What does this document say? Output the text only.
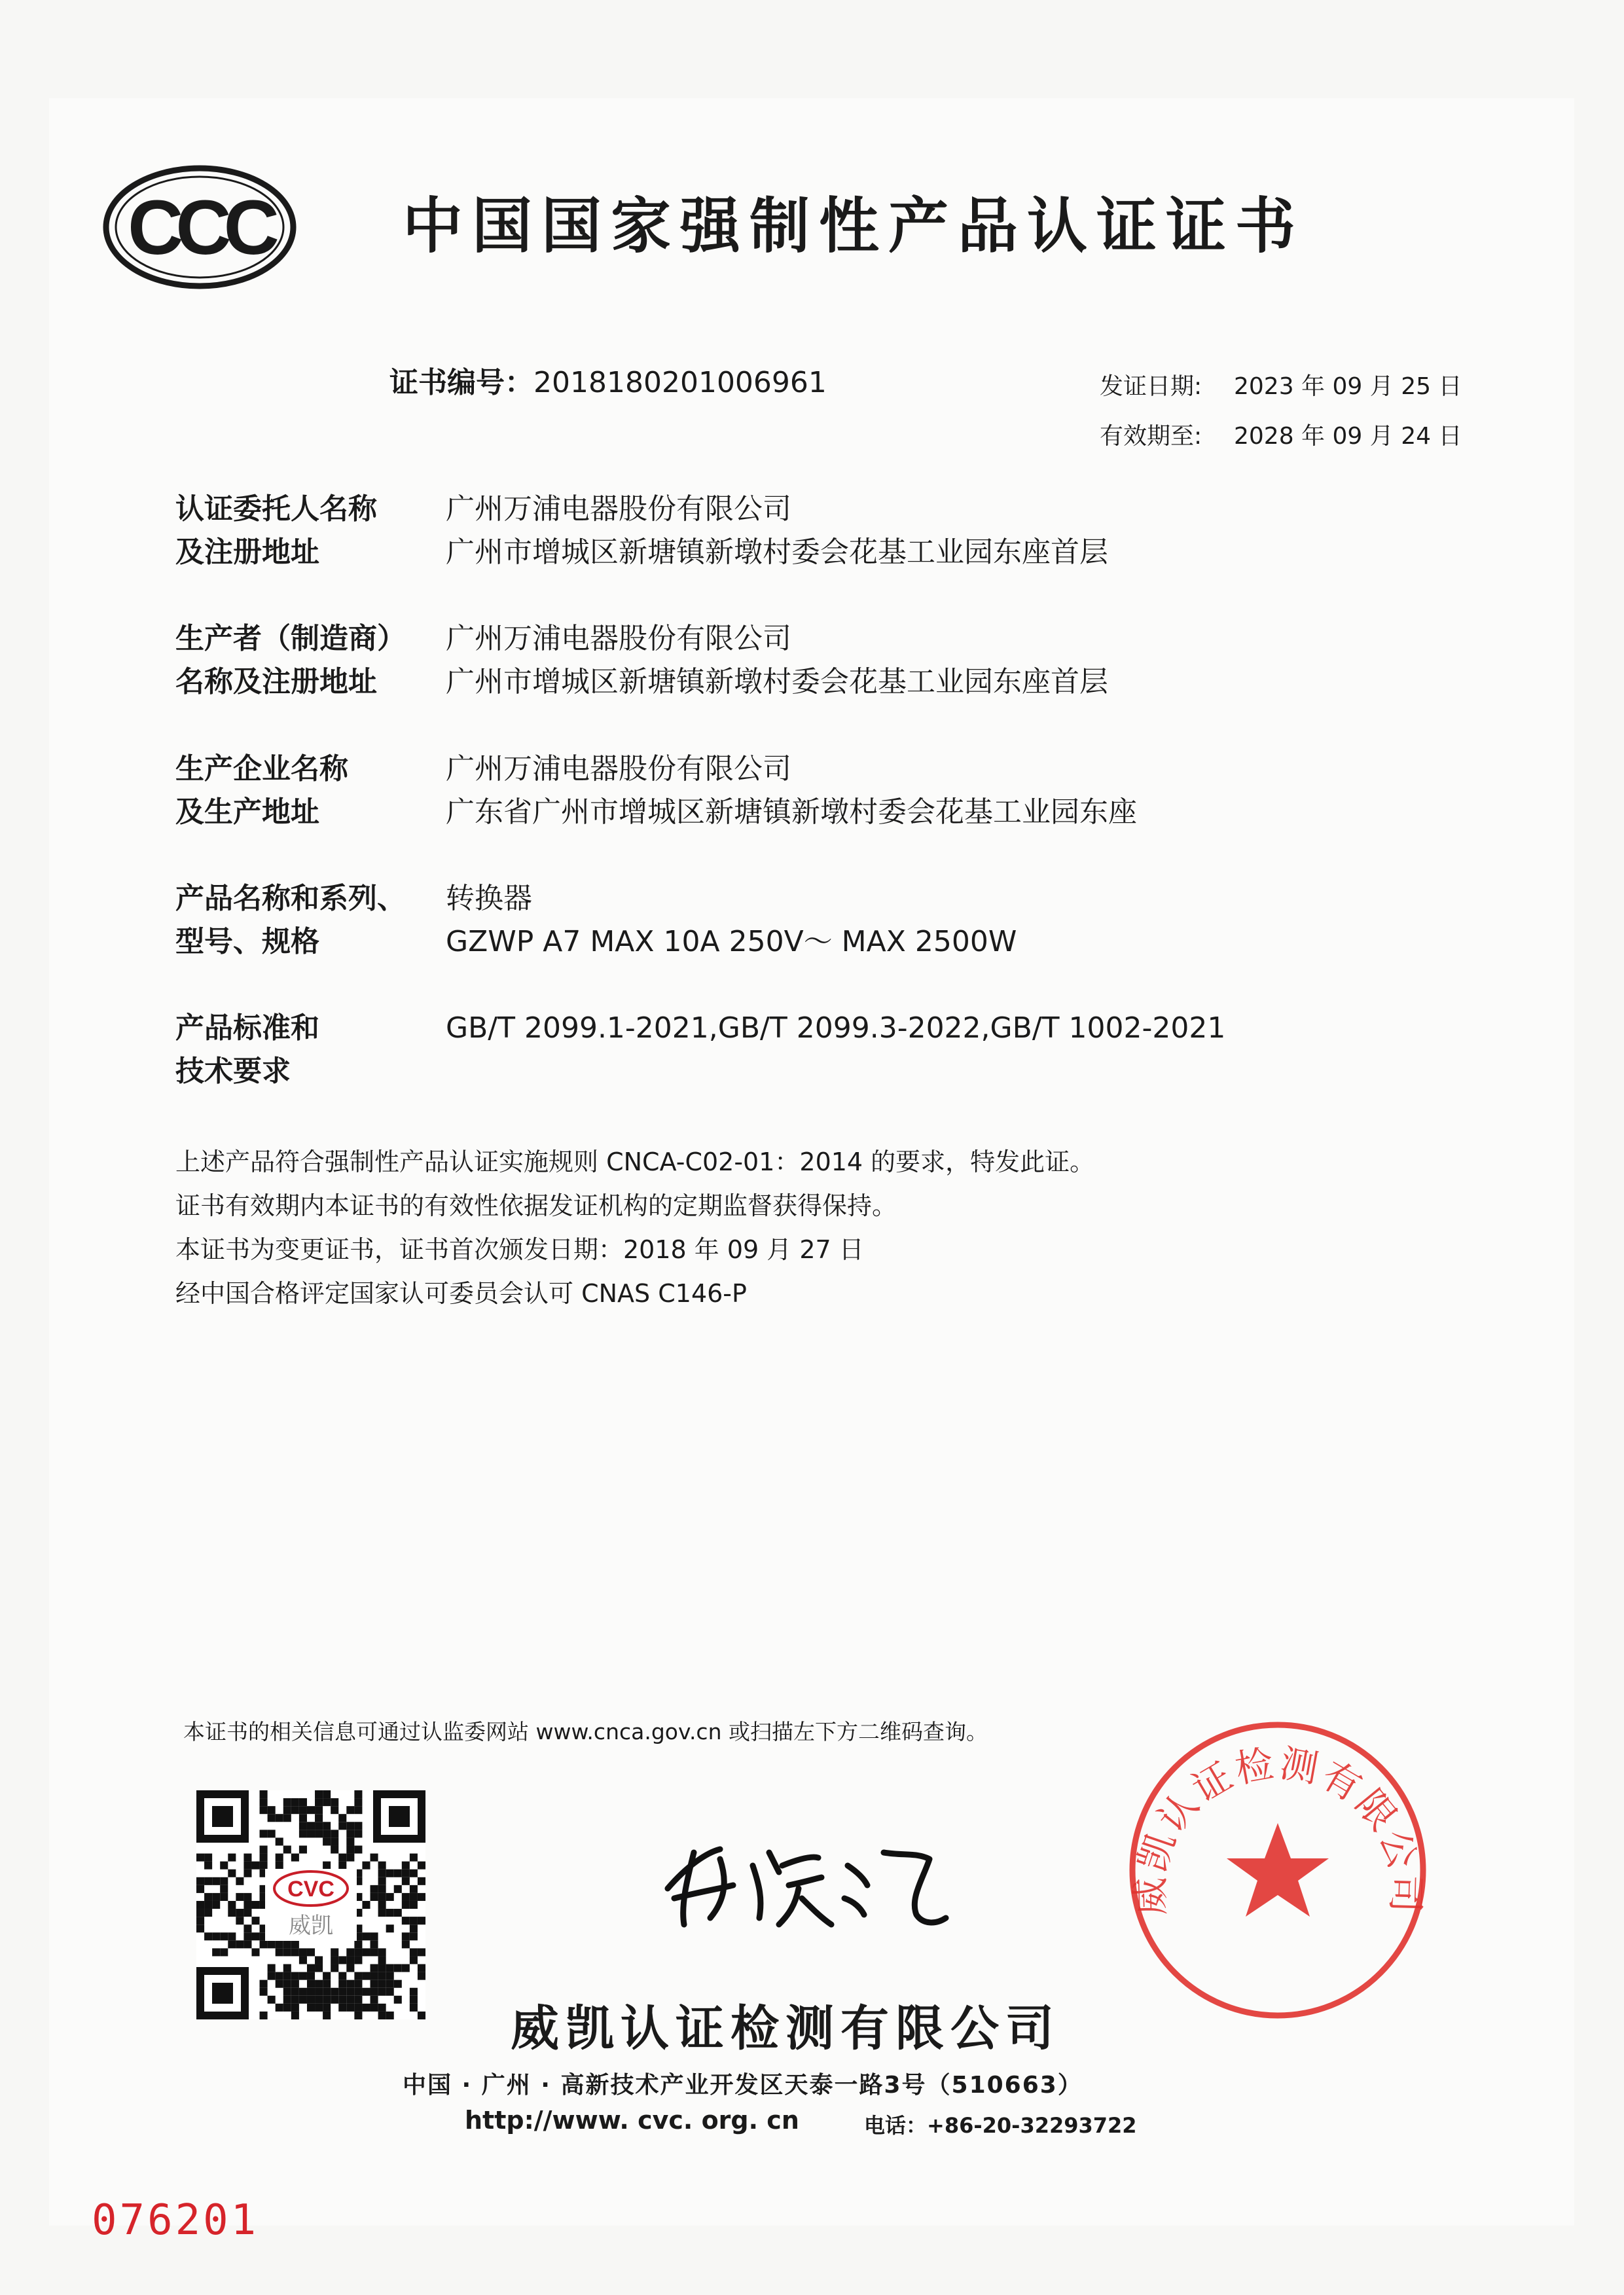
CCC 中国国家强制性产品认证证书
证书编号：2018180201006961	发证日期: 2023 年 09 月 25 日
有效期至: 2028 年 09 月 24 日
认证委托人名称
及注册地址
广州万浦电器股份有限公司
广州市增城区新塘镇新墩村委会花基工业园东座首层
生产者（制造商）
名称及注册地址
广州万浦电器股份有限公司
广州市增城区新塘镇新墩村委会花基工业园东座首层
生产企业名称
及生产地址
广州万浦电器股份有限公司
广东省广州市增城区新塘镇新墩村委会花基工业园东座
产品名称和系列、
型号、规格
转换器
GZWP A7 MAX 10A 250V～ MAX 2500W
产品标准和
技术要求
GB/T 2099.1-2021,GB/T 2099.3-2022,GB/T 1002-2021
上述产品符合强制性产品认证实施规则 CNCA-C02-01：2014 的要求，特发此证。
证书有效期内本证书的有效性依据发证机构的定期监督获得保持。
本证书为变更证书，证书首次颁发日期：2018 年 09 月 27 日
经中国合格评定国家认可委员会认可 CNAS C146-P
本证书的相关信息可通过认监委网站 www.cnca.gov.cn 或扫描左下方二维码查询。
CVC
威凯
威凯认证检测有限公司
中国 · 广州 · 高新技术产业开发区天泰一路3号（510663）
http://www. cvc. org. cn	电话：+86-20-32293722
威凯认证检测有限公司
076201
